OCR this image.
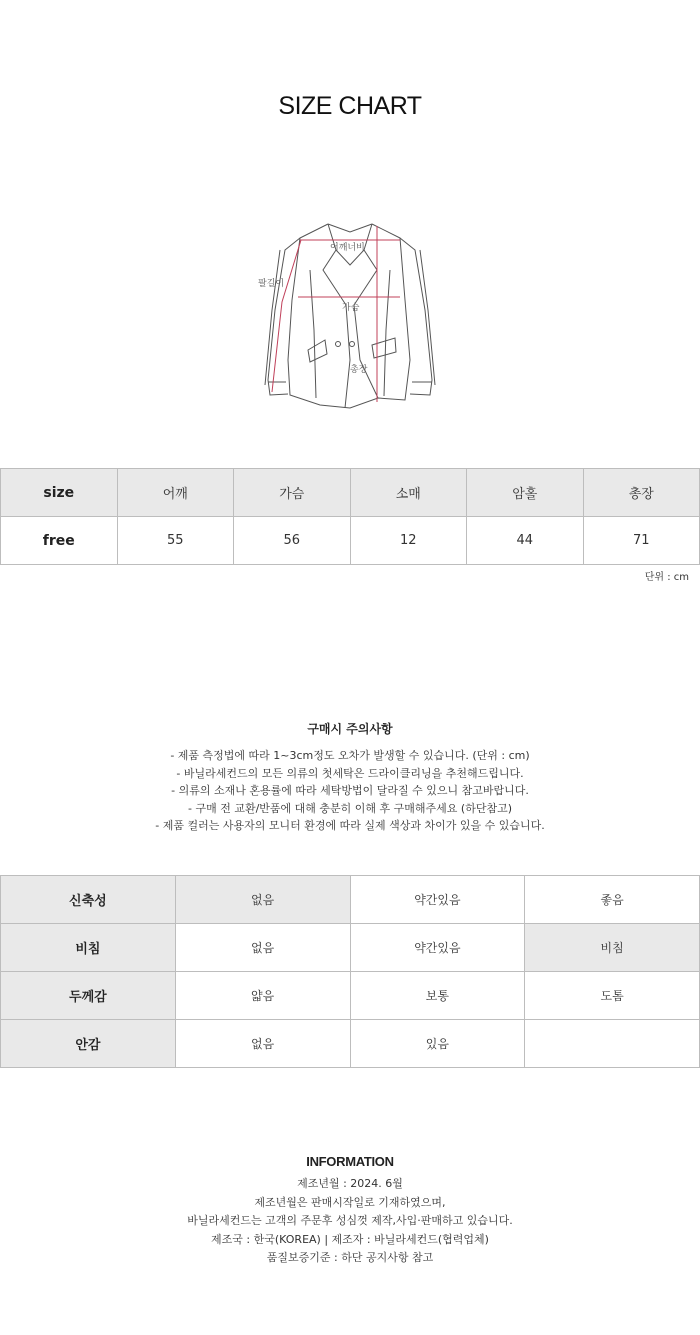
SIZE CHART
어깨너비
팔길이
가슴
총장
size	어깨	가슴	소매	암홀	총장
free	55	56	12	44	71
단위 : cm
구매시 주의사항

- 제품 측정법에 따라 1~3cm정도 오차가 발생할 수 있습니다. (단위 : cm)

- 바닐라세컨드의 모든 의류의 첫세탁은 드라이클리닝을 추천해드립니다.

- 의류의 소재나 혼용률에 따라 세탁방법이 달라질 수 있으니 참고바랍니다.

- 구매 전 교환/반품에 대해 충분히 이해 후 구매해주세요 (하단참고)

- 제품 컬러는 사용자의 모니터 환경에 따라 실제 색상과 차이가 있을 수 있습니다.

신축성	없음	약간있음	좋음
비침	없음	약간있음	비침
두께감	얇음	보통	도톰
안감	없음	있음	
INFORMATION

제조년월 : 2024. 6월

제조년월은 판매시작일로 기재하였으며,

바닐라세컨드는 고객의 주문후 성심껏 제작,사입·판매하고 있습니다.

제조국 : 한국(KOREA) | 제조자 : 바닐라세컨드(협력업체)

품질보증기준 : 하단 공지사항 참고
